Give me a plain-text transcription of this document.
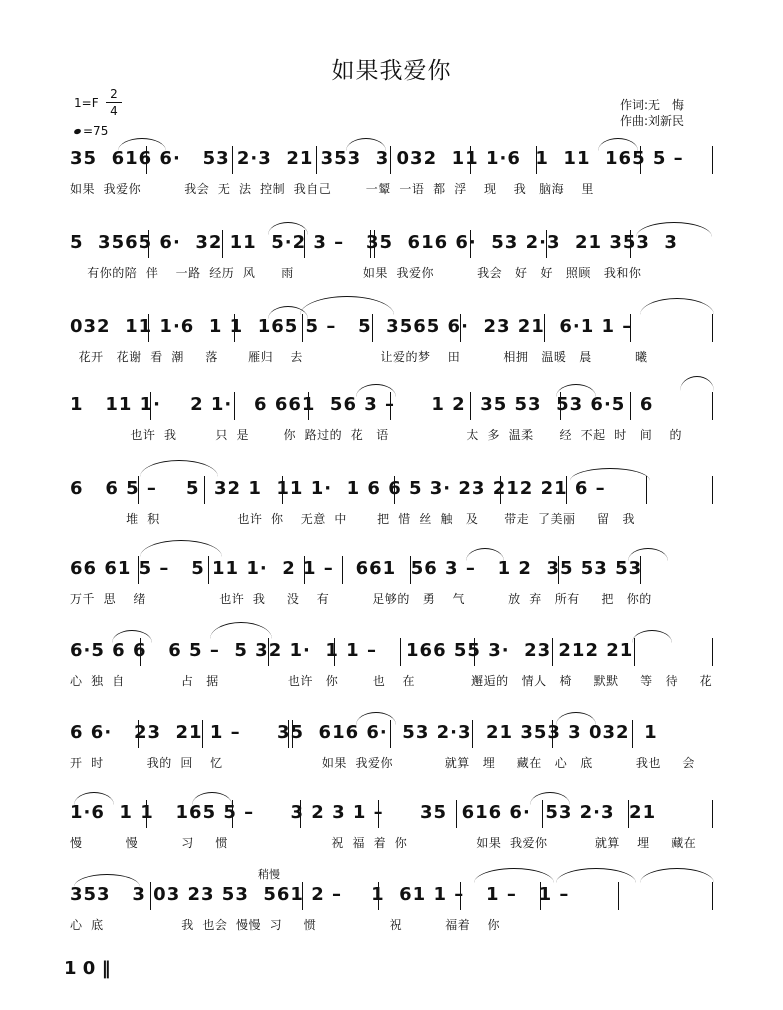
如果我爱你
$1=F \frac{2}{4}$
=75
作词:无　悔
作曲:刘新民
35  616 6·   53 2·3  21 353  3 032  11 1·6  1  11  165 5 –
如果  我爱你          我会  无  法  控制  我自己        一颦  一语  都  浮    现    我   脑海    里
5  3565 6·  32 11  5·2 3 –   35  616 6·  53 2·3  21 353  3
有你的陪  伴    一路  经历  风      雨                如果  我爱你          我会   好   好   照顾   我和你
032  11 1·6  1 1  165 5 –   5  3565 6·  23 21  6·1 1 –
花开   花谢  看  潮     落       雁归    去                  让爱的梦    田          相拥   温暖   晨          曦
1   11 1·    2 1·   6 661  56 3 –     1 2  35 53  53 6·5  6
也许  我         只  是        你  路过的  花   语                  太  多  温柔      经  不起  时   间    的
6   6 5 –    5  32 1  11 1·  1 6 6 5 3· 23 212 21 6 –
堆  积                  也许  你    无意  中       把  惜  丝  触   及      带走  了美丽     留   我
66 61 5 –   5 11 1·  2 1 –   661  56 3 –   1 2  35 53 53
万千  思    绪                 也许  我     没    有          足够的   勇    气          放  弃   所有     把   你的
6·5 6 6   6 5 –  5 32 1·  1 1 –    166 55 3·  23 212 21
心  独  自             占   据                也许   你        也    在             邂逅的   情人   椅     默默     等   待     花
6 6·   23  21 1 –     35  616 6·  53 2·3  21 353 3 032  1
开  时          我的  回    忆                       如果  我爱你            就算   埋     藏在   心   底          我也     会
1·6  1 1   165 5 –     3 2 3 1 –     35  616 6·  53 2·3  21
慢          慢          习     惯                        祝  福  着  你                如果  我爱你           就算    埋     藏在
稍慢
353   3 03 23 53  561 2 –    1  61 1 –   1 –   1 –
心  底                  我  也会  慢慢  习     惯                 祝          福着    你
1 0 ‖
